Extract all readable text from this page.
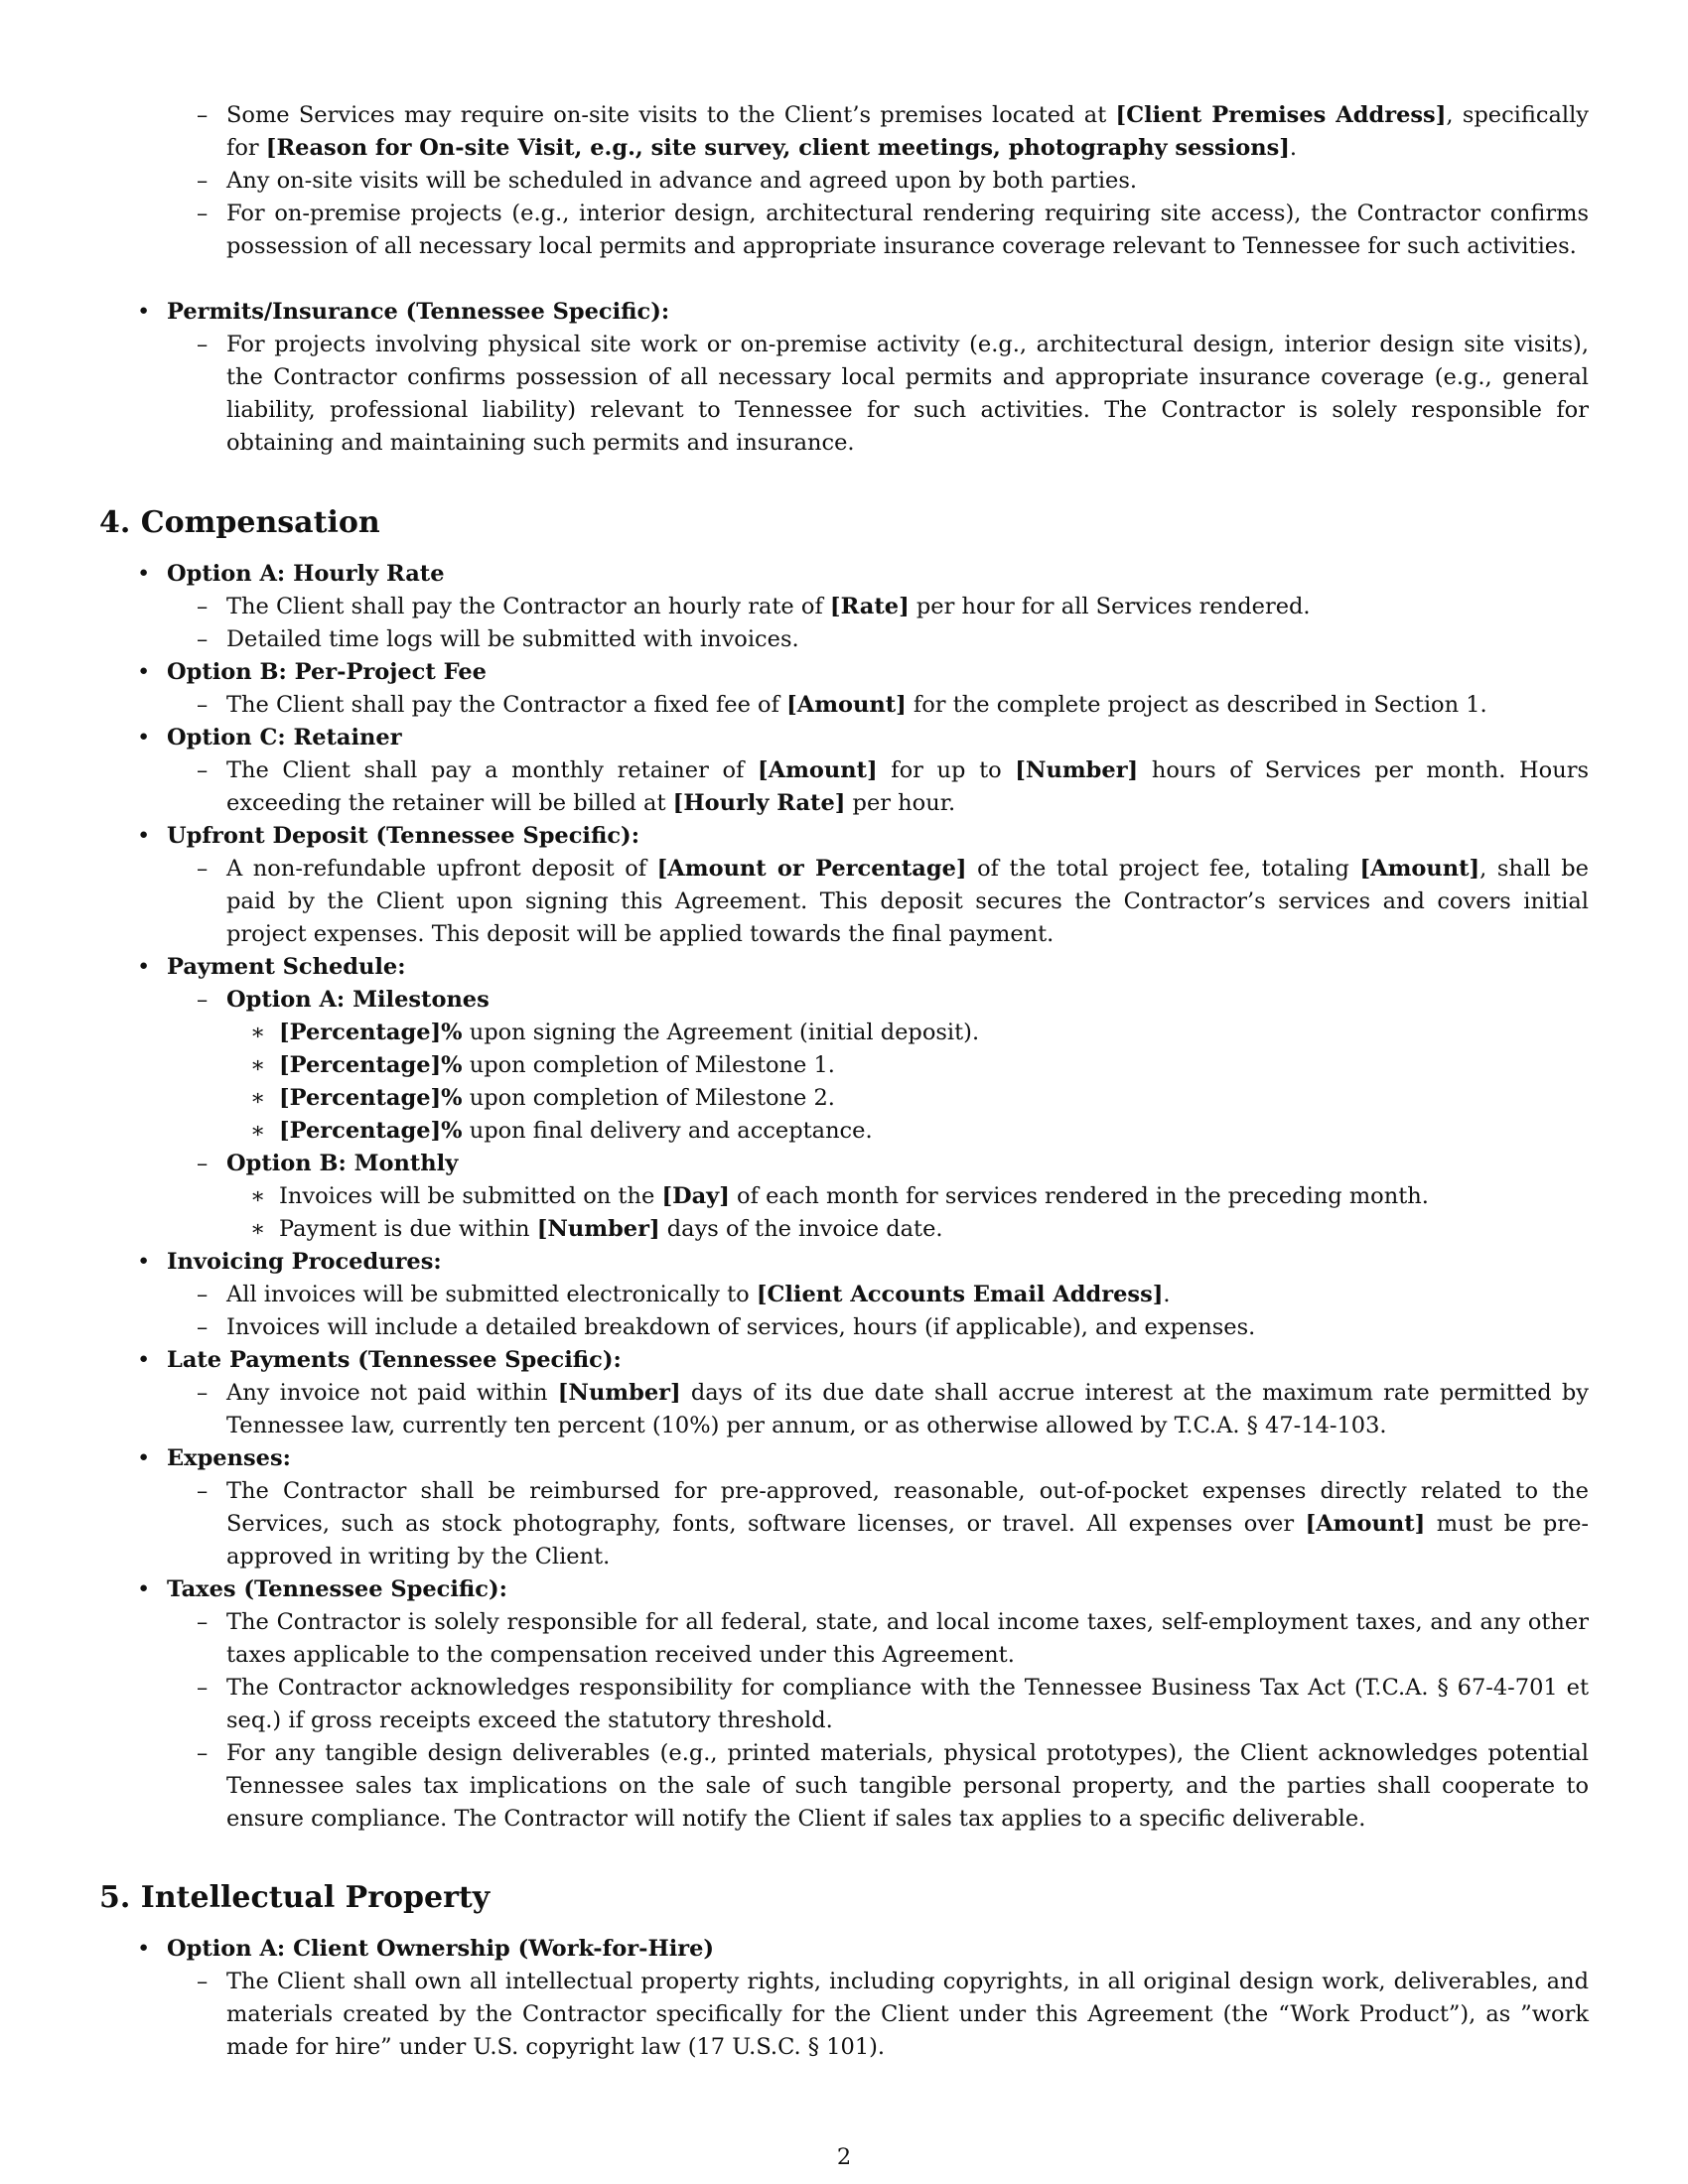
– Some Services may require on-site visits to the Client’s premises located at [Client Premises Address], specifically for [Reason for On-site Visit, e.g., site survey, client meetings, photography sessions].
– Any on-site visits will be scheduled in advance and agreed upon by both parties.
– For on-premise projects (e.g., interior design, architectural rendering requiring site access), the Contractor confirms possession of all necessary local permits and appropriate insurance coverage relevant to Tennessee for such activities.
• Permits/Insurance (Tennessee Specific):
– For projects involving physical site work or on-premise activity (e.g., architectural design, interior design site visits), the Contractor confirms possession of all necessary local permits and appropriate insurance coverage (e.g., general liability, professional liability) relevant to Tennessee for such activities. The Contractor is solely responsible for obtaining and maintaining such permits and insurance.
4. Compensation
• Option A: Hourly Rate
– The Client shall pay the Contractor an hourly rate of [Rate] per hour for all Services rendered.
– Detailed time logs will be submitted with invoices.
• Option B: Per-Project Fee
– The Client shall pay the Contractor a fixed fee of [Amount] for the complete project as described in Section 1.
• Option C: Retainer
– The Client shall pay a monthly retainer of [Amount] for up to [Number] hours of Services per month. Hours exceeding the retainer will be billed at [Hourly Rate] per hour.
• Upfront Deposit (Tennessee Specific):
– A non-refundable upfront deposit of [Amount or Percentage] of the total project fee, totaling [Amount], shall be paid by the Client upon signing this Agreement. This deposit secures the Contractor’s services and covers initial project expenses. This deposit will be applied towards the final payment.
• Payment Schedule:
– Option A: Milestones
∗ [Percentage]% upon signing the Agreement (initial deposit).
∗ [Percentage]% upon completion of Milestone 1.
∗ [Percentage]% upon completion of Milestone 2.
∗ [Percentage]% upon final delivery and acceptance.
– Option B: Monthly
∗ Invoices will be submitted on the [Day] of each month for services rendered in the preceding month.
∗ Payment is due within [Number] days of the invoice date.
• Invoicing Procedures:
– All invoices will be submitted electronically to [Client Accounts Email Address].
– Invoices will include a detailed breakdown of services, hours (if applicable), and expenses.
• Late Payments (Tennessee Specific):
– Any invoice not paid within [Number] days of its due date shall accrue interest at the maximum rate permitted by Tennessee law, currently ten percent (10%) per annum, or as otherwise allowed by T.C.A. § 47-14-103.
• Expenses:
– The Contractor shall be reimbursed for pre-approved, reasonable, out-of-pocket expenses directly related to the Services, such as stock photography, fonts, software licenses, or travel. All expenses over [Amount] must be pre-approved in writing by the Client.
• Taxes (Tennessee Specific):
– The Contractor is solely responsible for all federal, state, and local income taxes, self-employment taxes, and any other taxes applicable to the compensation received under this Agreement.
– The Contractor acknowledges responsibility for compliance with the Tennessee Business Tax Act (T.C.A. § 67-4-701 et seq.) if gross receipts exceed the statutory threshold.
– For any tangible design deliverables (e.g., printed materials, physical prototypes), the Client acknowledges potential Tennessee sales tax implications on the sale of such tangible personal property, and the parties shall cooperate to ensure compliance. The Contractor will notify the Client if sales tax applies to a specific deliverable.
5. Intellectual Property
• Option A: Client Ownership (Work-for-Hire)
– The Client shall own all intellectual property rights, including copyrights, in all original design work, deliverables, and materials created by the Contractor specifically for the Client under this Agreement (the “Work Product”), as ”work made for hire” under U.S. copyright law (17 U.S.C. § 101).
2
